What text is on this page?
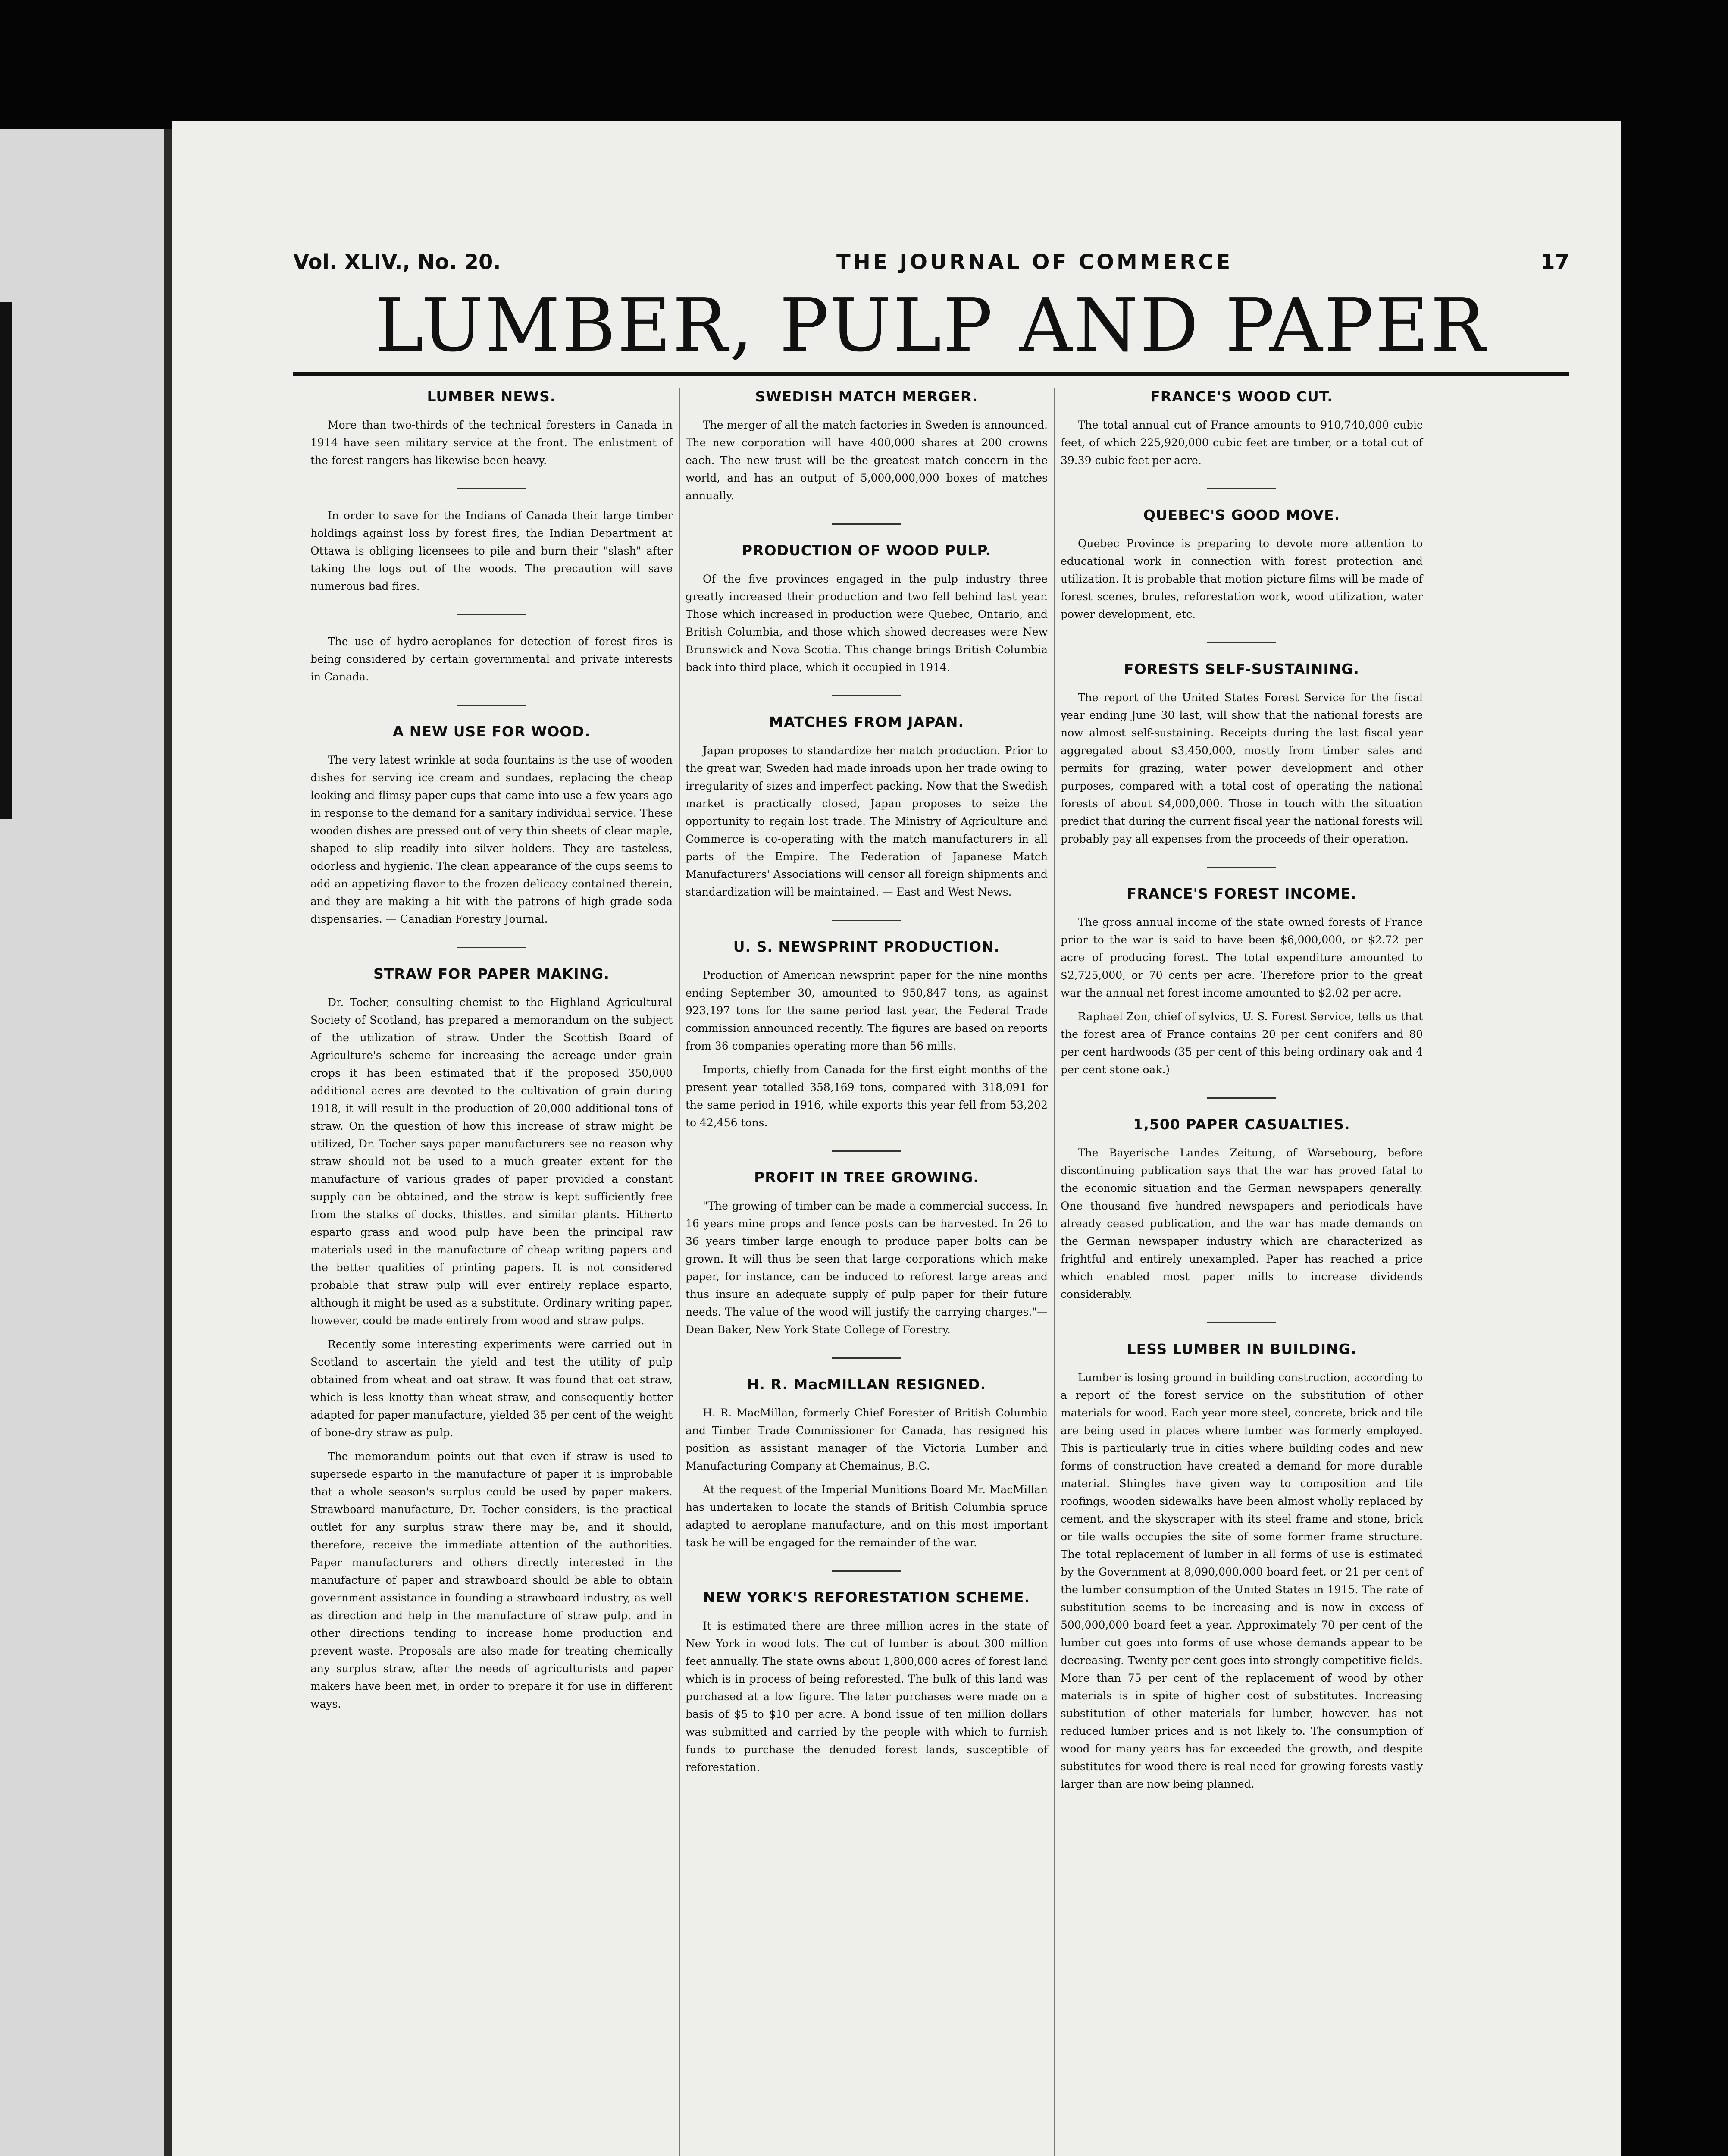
Vol. XLIV., No. 20.	THE JOURNAL OF COMMERCE	17
LUMBER, PULP AND PAPER
LUMBER NEWS.

More than two-thirds of the technical foresters in Canada in 1914 have seen military service at the front. The enlistment of the forest rangers has likewise been heavy.

In order to save for the Indians of Canada their large timber holdings against loss by forest fires, the Indian Department at Ottawa is obliging licensees to pile and burn their "slash" after taking the logs out of the woods. The precaution will save numerous bad fires.

The use of hydro-aeroplanes for detection of forest fires is being considered by certain governmental and private interests in Canada.

A NEW USE FOR WOOD.

The very latest wrinkle at soda fountains is the use of wooden dishes for serving ice cream and sundaes, replacing the cheap looking and flimsy paper cups that came into use a few years ago in response to the demand for a sanitary individual service. These wooden dishes are pressed out of very thin sheets of clear maple, shaped to slip readily into silver holders. They are tasteless, odorless and hygienic. The clean appearance of the cups seems to add an appetizing flavor to the frozen delicacy contained therein, and they are making a hit with the patrons of high grade soda dispensaries. — Canadian Forestry Journal.

STRAW FOR PAPER MAKING.

Dr. Tocher, consulting chemist to the Highland Agricultural Society of Scotland, has prepared a memorandum on the subject of the utilization of straw. Under the Scottish Board of Agriculture's scheme for increasing the acreage under grain crops it has been estimated that if the proposed 350,000 additional acres are devoted to the cultivation of grain during 1918, it will result in the production of 20,000 additional tons of straw. On the question of how this increase of straw might be utilized, Dr. Tocher says paper manufacturers see no reason why straw should not be used to a much greater extent for the manufacture of various grades of paper provided a constant supply can be obtained, and the straw is kept sufficiently free from the stalks of docks, thistles, and similar plants. Hitherto esparto grass and wood pulp have been the principal raw materials used in the manufacture of cheap writing papers and the better qualities of printing papers. It is not considered probable that straw pulp will ever entirely replace esparto, although it might be used as a substitute. Ordinary writing paper, however, could be made entirely from wood and straw pulps.

Recently some interesting experiments were carried out in Scotland to ascertain the yield and test the utility of pulp obtained from wheat and oat straw. It was found that oat straw, which is less knotty than wheat straw, and consequently better adapted for paper manufacture, yielded 35 per cent of the weight of bone-dry straw as pulp.

The memorandum points out that even if straw is used to supersede esparto in the manufacture of paper it is improbable that a whole season's surplus could be used by paper makers. Strawboard manufacture, Dr. Tocher considers, is the practical outlet for any surplus straw there may be, and it should, therefore, receive the immediate attention of the authorities. Paper manufacturers and others directly interested in the manufacture of paper and strawboard should be able to obtain government assistance in founding a strawboard industry, as well as direction and help in the manufacture of straw pulp, and in other directions tending to increase home production and prevent waste. Proposals are also made for treating chemically any surplus straw, after the needs of agriculturists and paper makers have been met, in order to prepare it for use in different ways.

SWEDISH MATCH MERGER.

The merger of all the match factories in Sweden is announced. The new corporation will have 400,000 shares at 200 crowns each. The new trust will be the greatest match concern in the world, and has an output of 5,000,000,000 boxes of matches annually.

PRODUCTION OF WOOD PULP.

Of the five provinces engaged in the pulp industry three greatly increased their production and two fell behind last year. Those which increased in production were Quebec, Ontario, and British Columbia, and those which showed decreases were New Brunswick and Nova Scotia. This change brings British Columbia back into third place, which it occupied in 1914.

MATCHES FROM JAPAN.

Japan proposes to standardize her match production. Prior to the great war, Sweden had made inroads upon her trade owing to irregularity of sizes and imperfect packing. Now that the Swedish market is practically closed, Japan proposes to seize the opportunity to regain lost trade. The Ministry of Agriculture and Commerce is co-operating with the match manufacturers in all parts of the Empire. The Federation of Japanese Match Manufacturers' Associations will censor all foreign shipments and standardization will be maintained. — East and West News.

U. S. NEWSPRINT PRODUCTION.

Production of American newsprint paper for the nine months ending September 30, amounted to 950,847 tons, as against 923,197 tons for the same period last year, the Federal Trade commission announced recently. The figures are based on reports from 36 companies operating more than 56 mills.

Imports, chiefly from Canada for the first eight months of the present year totalled 358,169 tons, compared with 318,091 for the same period in 1916, while exports this year fell from 53,202 to 42,456 tons.

PROFIT IN TREE GROWING.

"The growing of timber can be made a commercial success. In 16 years mine props and fence posts can be harvested. In 26 to 36 years timber large enough to produce paper bolts can be grown. It will thus be seen that large corporations which make paper, for instance, can be induced to reforest large areas and thus insure an adequate supply of pulp paper for their future needs. The value of the wood will justify the carrying charges."—Dean Baker, New York State College of Forestry.

H. R. MacMILLAN RESIGNED.

H. R. MacMillan, formerly Chief Forester of British Columbia and Timber Trade Commissioner for Canada, has resigned his position as assistant manager of the Victoria Lumber and Manufacturing Company at Chemainus, B.C.

At the request of the Imperial Munitions Board Mr. MacMillan has undertaken to locate the stands of British Columbia spruce adapted to aeroplane manufacture, and on this most important task he will be engaged for the remainder of the war.

NEW YORK'S REFORESTATION SCHEME.

It is estimated there are three million acres in the state of New York in wood lots. The cut of lumber is about 300 million feet annually. The state owns about 1,800,000 acres of forest land which is in process of being reforested. The bulk of this land was purchased at a low figure. The later purchases were made on a basis of $5 to $10 per acre. A bond issue of ten million dollars was submitted and carried by the people with which to furnish funds to purchase the denuded forest lands, susceptible of reforestation.

FRANCE'S WOOD CUT.

The total annual cut of France amounts to 910,740,000 cubic feet, of which 225,920,000 cubic feet are timber, or a total cut of 39.39 cubic feet per acre.

QUEBEC'S GOOD MOVE.

Quebec Province is preparing to devote more attention to educational work in connection with forest protection and utilization. It is probable that motion picture films will be made of forest scenes, brules, reforestation work, wood utilization, water power development, etc.

FORESTS SELF-SUSTAINING.

The report of the United States Forest Service for the fiscal year ending June 30 last, will show that the national forests are now almost self-sustaining. Receipts during the last fiscal year aggregated about $3,450,000, mostly from timber sales and permits for grazing, water power development and other purposes, compared with a total cost of operating the national forests of about $4,000,000. Those in touch with the situation predict that during the current fiscal year the national forests will probably pay all expenses from the proceeds of their operation.

FRANCE'S FOREST INCOME.

The gross annual income of the state owned forests of France prior to the war is said to have been $6,000,000, or $2.72 per acre of producing forest. The total expenditure amounted to $2,725,000, or 70 cents per acre. Therefore prior to the great war the annual net forest income amounted to $2.02 per acre.

Raphael Zon, chief of sylvics, U. S. Forest Service, tells us that the forest area of France contains 20 per cent conifers and 80 per cent hardwoods (35 per cent of this being ordinary oak and 4 per cent stone oak.)

1,500 PAPER CASUALTIES.

The Bayerische Landes Zeitung, of Warsebourg, before discontinuing publication says that the war has proved fatal to the economic situation and the German newspapers generally. One thousand five hundred newspapers and periodicals have already ceased publication, and the war has made demands on the German newspaper industry which are characterized as frightful and entirely unexampled. Paper has reached a price which enabled most paper mills to increase dividends considerably.

LESS LUMBER IN BUILDING.

Lumber is losing ground in building construction, according to a report of the forest service on the substitution of other materials for wood. Each year more steel, concrete, brick and tile are being used in places where lumber was formerly employed. This is particularly true in cities where building codes and new forms of construction have created a demand for more durable material. Shingles have given way to composition and tile roofings, wooden sidewalks have been almost wholly replaced by cement, and the skyscraper with its steel frame and stone, brick or tile walls occupies the site of some former frame structure. The total replacement of lumber in all forms of use is estimated by the Government at 8,090,000,000 board feet, or 21 per cent of the lumber consumption of the United States in 1915. The rate of substitution seems to be increasing and is now in excess of 500,000,000 board feet a year. Approximately 70 per cent of the lumber cut goes into forms of use whose demands appear to be decreasing. Twenty per cent goes into strongly competitive fields. More than 75 per cent of the replacement of wood by other materials is in spite of higher cost of substitutes. Increasing substitution of other materials for lumber, however, has not reduced lumber prices and is not likely to. The consumption of wood for many years has far exceeded the growth, and despite substitutes for wood there is real need for growing forests vastly larger than are now being planned.
